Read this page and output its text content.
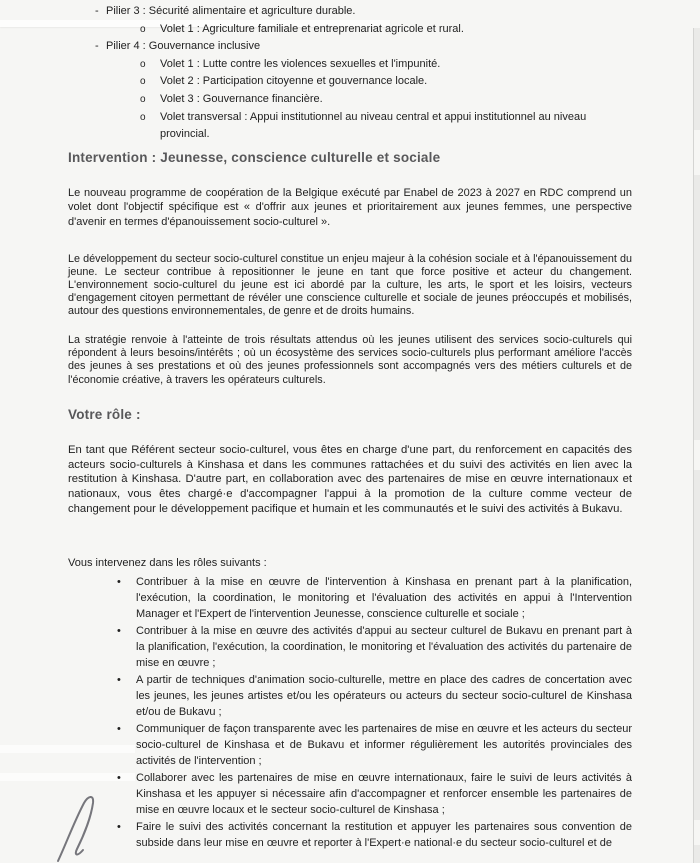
- Pilier 3 : Sécurité alimentaire et agriculture durable.
o Volet 1 : Agriculture familiale et entreprenariat agricole et rural.
- Pilier 4 : Gouvernance inclusive
o Volet 1 : Lutte contre les violences sexuelles et l'impunité.
o Volet 2 : Participation citoyenne et gouvernance locale.
o Volet 3 : Gouvernance financière.
o Volet transversal : Appui institutionnel au niveau central et appui institutionnel au niveau provincial.
Intervention : Jeunesse, conscience culturelle et sociale

Le nouveau programme de coopération de la Belgique exécuté par Enabel de 2023 à 2027 en RDC comprend un volet dont l'objectif spécifique est « d'offrir aux jeunes et prioritairement aux jeunes femmes, une perspective d'avenir en termes d'épanouissement socio-culturel ».

Le développement du secteur socio-culturel constitue un enjeu majeur à la cohésion sociale et à l'épanouissement du jeune. Le secteur contribue à repositionner le jeune en tant que force positive et acteur du changement. L'environnement socio-culturel du jeune est ici abordé par la culture, les arts, le sport et les loisirs, vecteurs d'engagement citoyen permettant de révéler une conscience culturelle et sociale de jeunes préoccupés et mobilisés, autour des questions environnementales, de genre et de droits humains.

La stratégie renvoie à l'atteinte de trois résultats attendus où les jeunes utilisent des services socio-culturels qui répondent à leurs besoins/intérêts ; où un écosystème des services socio-culturels plus performant améliore l'accès des jeunes à ses prestations et où des jeunes professionnels sont accompagnés vers des métiers culturels et de l'économie créative, à travers les opérateurs culturels.

Votre rôle :

En tant que Référent secteur socio-culturel, vous êtes en charge d'une part, du renforcement en capacités des acteurs socio-culturels à Kinshasa et dans les communes rattachées et du suivi des activités en lien avec la restitution à Kinshasa. D'autre part, en collaboration avec des partenaires de mise en œuvre internationaux et nationaux, vous êtes chargé·e d'accompagner l'appui à la promotion de la culture comme vecteur de changement pour le développement pacifique et humain et les communautés et le suivi des activités à Bukavu.

Vous intervenez dans les rôles suivants :

• Contribuer à la mise en œuvre de l'intervention à Kinshasa en prenant part à la planification, l'exécution, la coordination, le monitoring et l'évaluation des activités en appui à l'Intervention Manager et l'Expert de l'intervention Jeunesse, conscience culturelle et sociale ;
• Contribuer à la mise en œuvre des activités d'appui au secteur culturel de Bukavu en prenant part à la planification, l'exécution, la coordination, le monitoring et l'évaluation des activités du partenaire de mise en œuvre ;
• A partir de techniques d'animation socio-culturelle, mettre en place des cadres de concertation avec les jeunes, les jeunes artistes et/ou les opérateurs ou acteurs du secteur socio-culturel de Kinshasa et/ou de Bukavu ;
• Communiquer de façon transparente avec les partenaires de mise en œuvre et les acteurs du secteur socio-culturel de Kinshasa et de Bukavu et informer régulièrement les autorités provinciales des activités de l'intervention ;
• Collaborer avec les partenaires de mise en œuvre internationaux, faire le suivi de leurs activités à Kinshasa et les appuyer si nécessaire afin d'accompagner et renforcer ensemble les partenaires de mise en œuvre locaux et le secteur socio-culturel de Kinshasa ;
• Faire le suivi des activités concernant la restitution et appuyer les partenaires sous convention de subside dans leur mise en œuvre et reporter à l'Expert·e national·e du secteur socio-culturel et de
